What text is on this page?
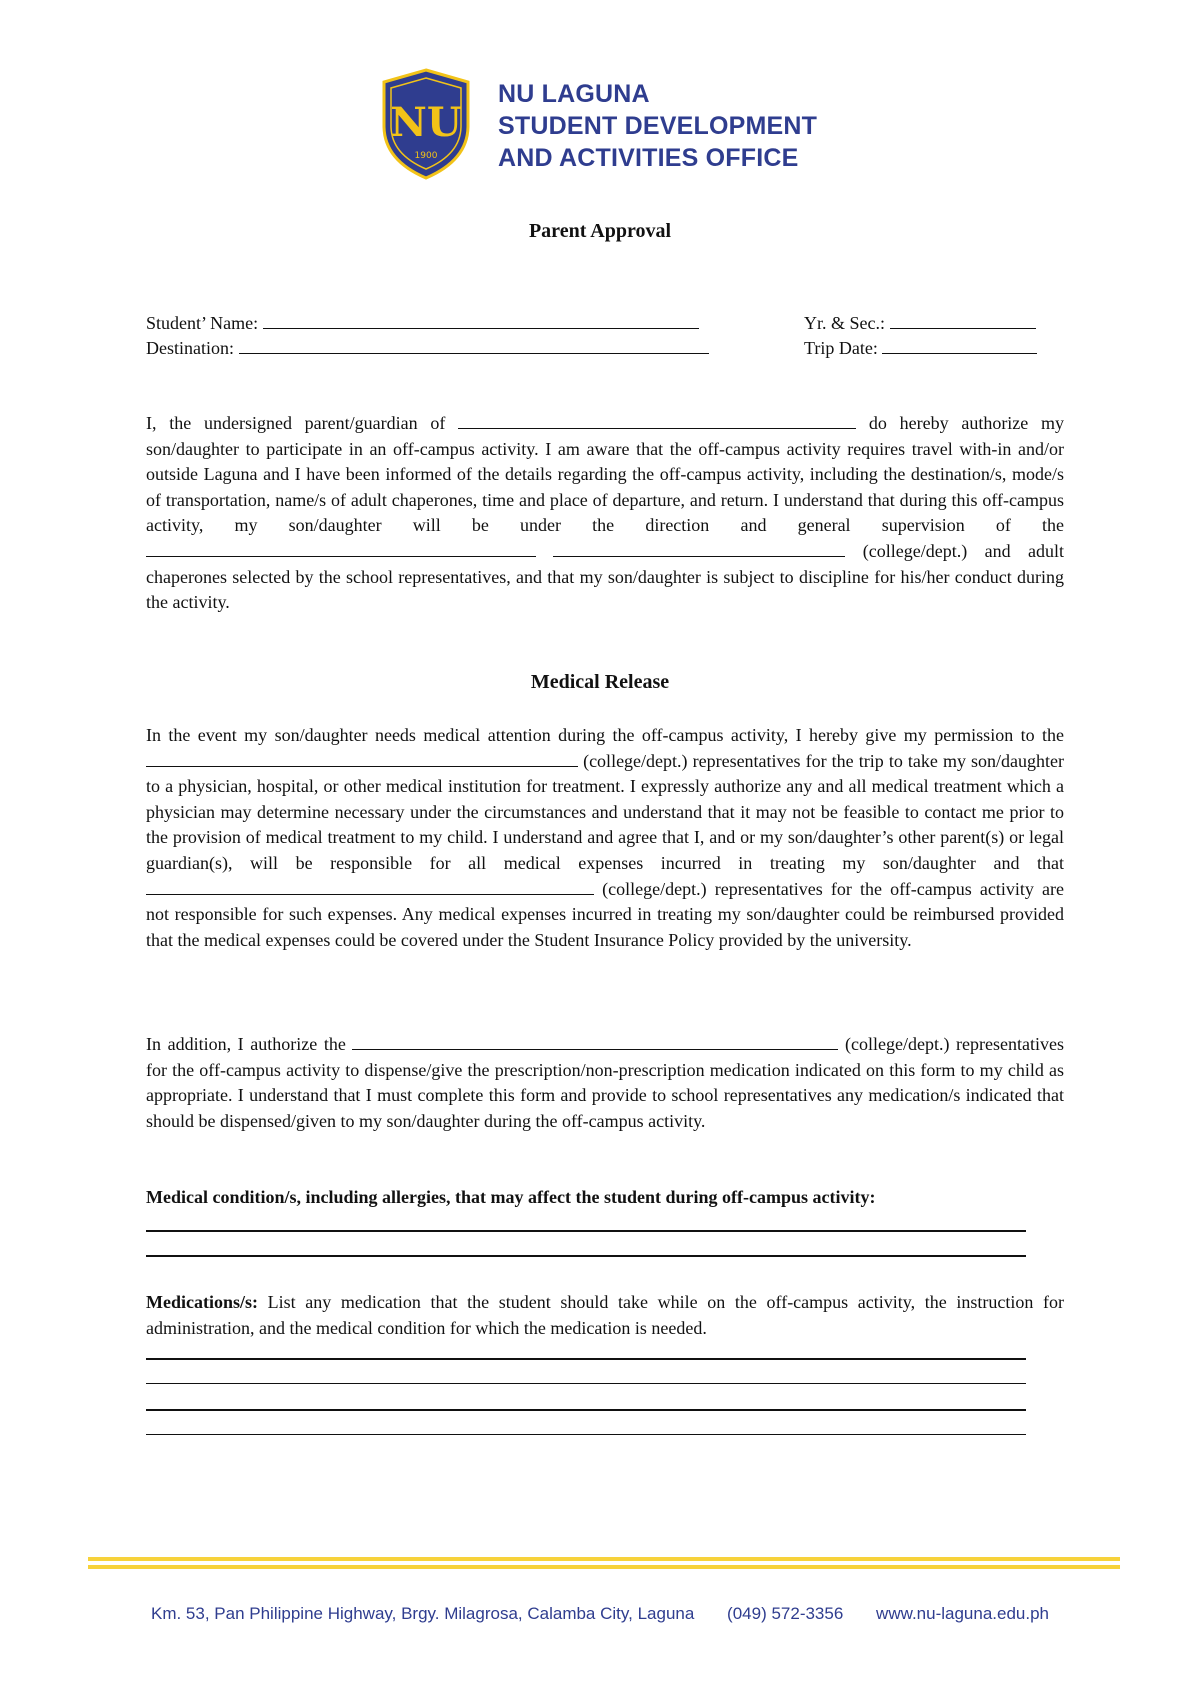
NU
1900
NU LAGUNA
STUDENT DEVELOPMENT
AND ACTIVITIES OFFICE
Parent Approval
Student’ Name:	Yr. & Sec.:
Destination:	Trip Date:
I, the undersigned parent/guardian of	do hereby authorize my son/daughter to participate in an off-campus activity. I am aware that the off-campus activity requires travel with-in and/or outside Laguna and I have been informed of the details regarding the off-campus activity, including the destination/s, mode/s of transportation, name/s of adult chaperones, time and place of departure, and return. I understand that during this off-campus activity, my son/daughter will be under the direction and general supervision of the   (college/dept.) and adult chaperones selected by the school representatives, and that my son/daughter is subject to discipline for his/her conduct during the activity.
Medical Release
In the event my son/daughter needs medical attention during the off-campus activity, I hereby give my permission to the  (college/dept.) representatives for the trip to take my son/daughter to a physician, hospital, or other medical institution for treatment. I expressly authorize any and all medical treatment which a physician may determine necessary under the circumstances and understand that it may not be feasible to contact me prior to the provision of medical treatment to my child. I understand and agree that I, and or my son/daughter’s other parent(s) or legal guardian(s), will be responsible for all medical expenses incurred in treating my son/daughter and that  (college/dept.) representatives for the off-campus activity are not responsible for such expenses. Any medical expenses incurred in treating my son/daughter could be reimbursed provided that the medical expenses could be covered under the Student Insurance Policy provided by the university.
In addition, I authorize the	(college/dept.) representatives for the off-campus activity to dispense/give the prescription/non-prescription medication indicated on this form to my child as appropriate. I understand that I must complete this form and provide to school representatives any medication/s indicated that should be dispensed/given to my son/daughter during the off-campus activity.
Medical condition/s, including allergies, that may affect the student during off-campus activity:
Medications/s: List any medication that the student should take while on the off-campus activity, the instruction for administration, and the medical condition for which the medication is needed.
Km. 53, Pan Philippine Highway, Brgy. Milagrosa, Calamba City, Laguna (049) 572-3356 www.nu-laguna.edu.ph
